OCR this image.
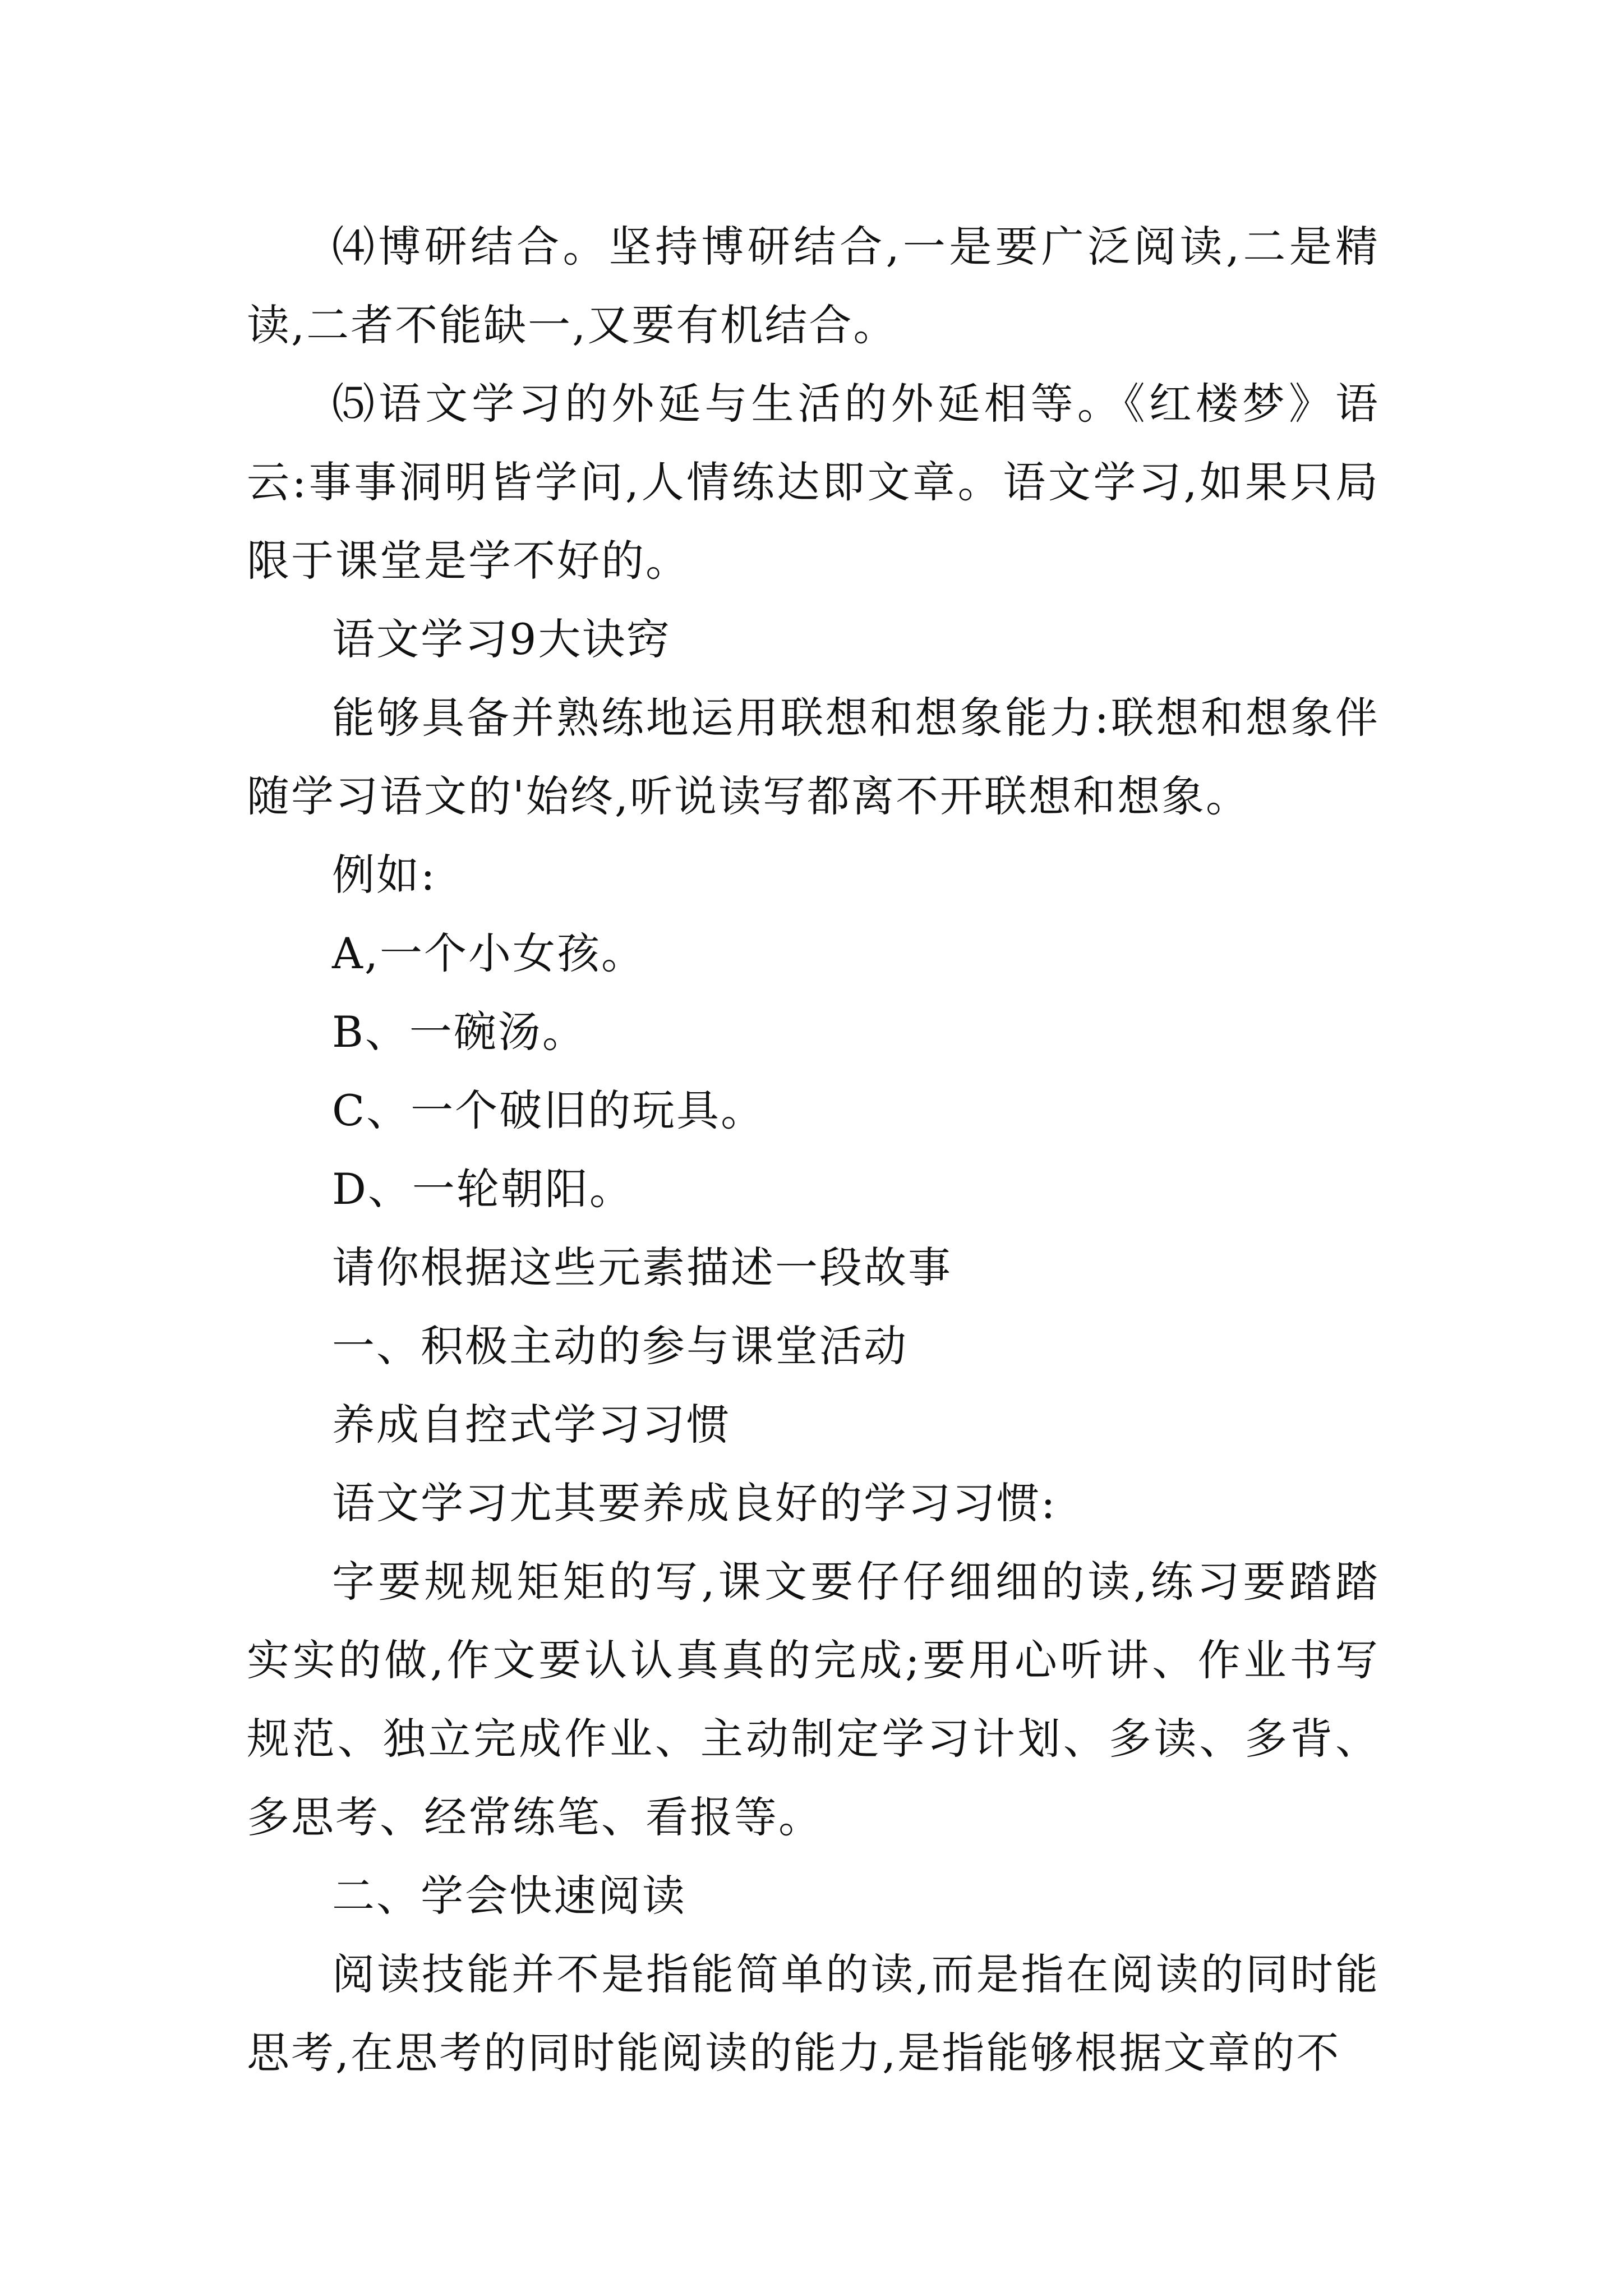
⑷博研结合。坚持博研结合,一是要广泛阅读,二是精读,二者不能缺一,又要有机结合。

⑸语文学习的外延与生活的外延相等。《红楼梦》语云:事事洞明皆学问,人情练达即文章。语文学习,如果只局限于课堂是学不好的。

语文学习9大诀窍

能够具备并熟练地运用联想和想象能力:联想和想象伴随学习语文的'始终,听说读写都离不开联想和想象。

例如:

A,一个小女孩。

B、一碗汤。

C、一个破旧的玩具。

D、一轮朝阳。

请你根据这些元素描述一段故事

一、积极主动的参与课堂活动

养成自控式学习习惯

语文学习尤其要养成良好的学习习惯:

字要规规矩矩的写,课文要仔仔细细的读,练习要踏踏实实的做,作文要认认真真的完成;要用心听讲、作业书写规范、独立完成作业、主动制定学习计划、多读、多背、多思考、经常练笔、看报等。

二、学会快速阅读

阅读技能并不是指能简单的读,而是指在阅读的同时能思考,在思考的同时能阅读的能力,是指能够根据文章的不
